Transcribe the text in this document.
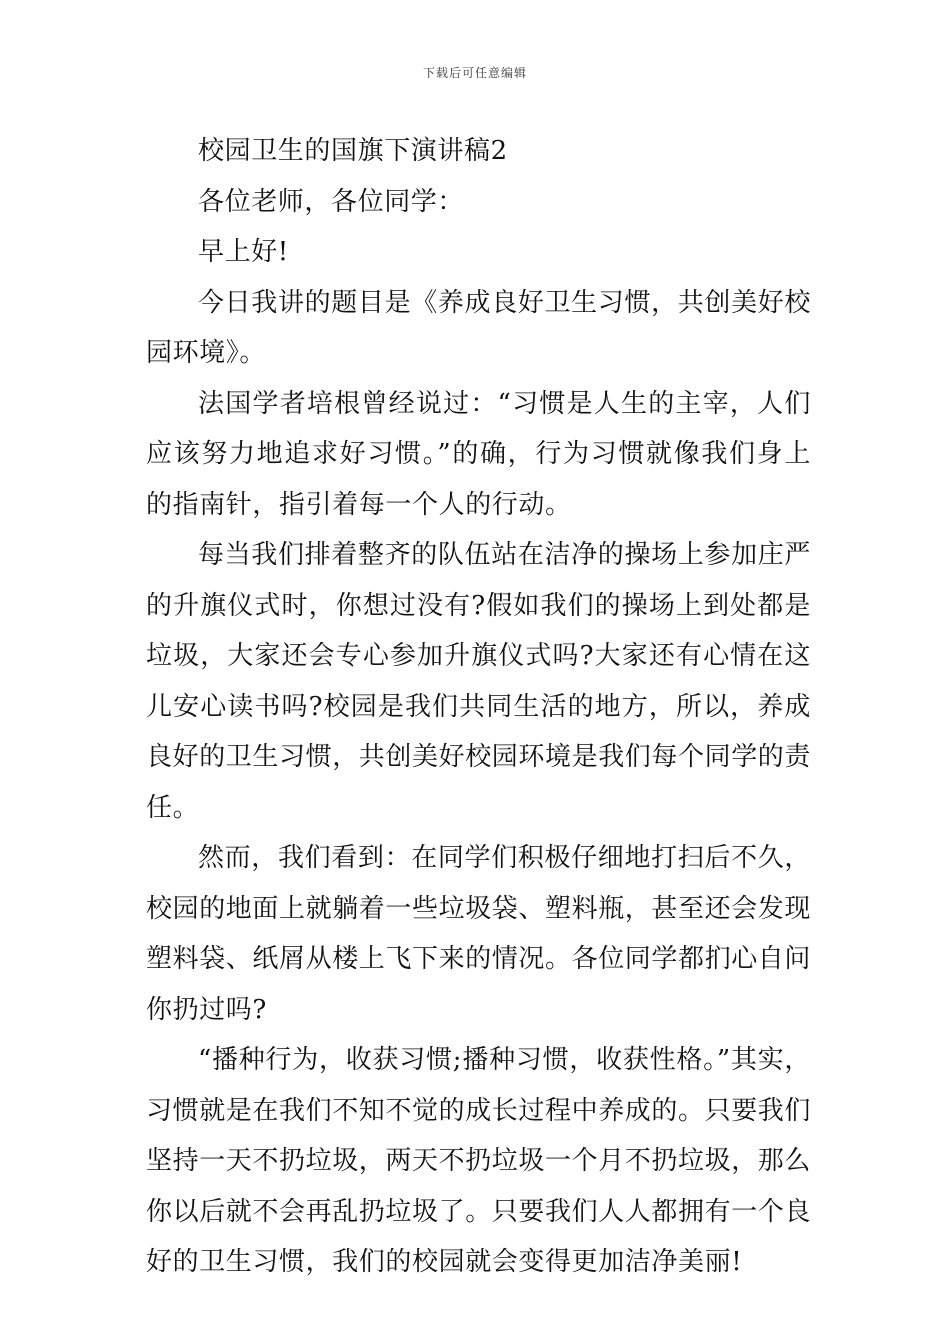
下载后可任意编辑

校园卫生的国旗下演讲稿2

各位老师，各位同学：

早上好!

今日我讲的题目是《养成良好卫生习惯，共创美好校园环境》。

法国学者培根曾经说过：“习惯是人生的主宰，人们应该努力地追求好习惯。”的确，行为习惯就像我们身上的指南针，指引着每一个人的行动。

每当我们排着整齐的队伍站在洁净的操场上参加庄严的升旗仪式时，你想过没有?假如我们的操场上到处都是垃圾，大家还会专心参加升旗仪式吗?大家还有心情在这儿安心读书吗?校园是我们共同生活的地方，所以，养成良好的卫生习惯，共创美好校园环境是我们每个同学的责任。

然而，我们看到：在同学们积极仔细地打扫后不久，校园的地面上就躺着一些垃圾袋、塑料瓶，甚至还会发现塑料袋、纸屑从楼上飞下来的情况。各位同学都扪心自问你扔过吗?

“播种行为，收获习惯;播种习惯，收获性格。”其实，习惯就是在我们不知不觉的成长过程中养成的。只要我们坚持一天不扔垃圾，两天不扔垃圾一个月不扔垃圾，那么你以后就不会再乱扔垃圾了。只要我们人人都拥有一个良好的卫生习惯，我们的校园就会变得更加洁净美丽!
